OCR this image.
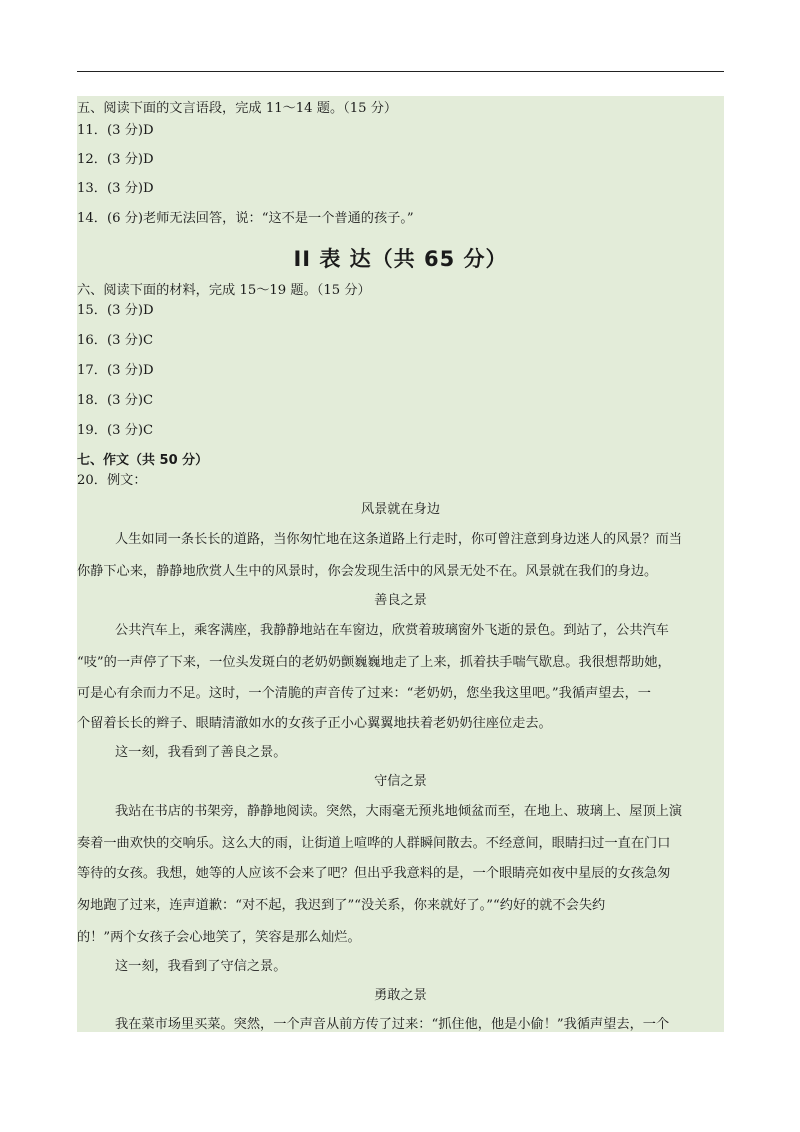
五、阅读下面的文言语段，完成 11～14 题。（15 分）
11．(3 分)D
12．(3 分)D
13．(3 分)D
14．(6 分)老师无法回答，说：“这不是一个普通的孩子。”
II 表 达（共 65 分）
六、阅读下面的材料，完成 15～19 题。（15 分）
15．(3 分)D
16．(3 分)C
17．(3 分)D
18．(3 分)C
19．(3 分)C
七、作文（共 50 分）
20．例文：
风景就在身边
人生如同一条长长的道路，当你匆忙地在这条道路上行走时，你可曾注意到身边迷人的风景？而当
你静下心来，静静地欣赏人生中的风景时，你会发现生活中的风景无处不在。风景就在我们的身边。
善良之景
公共汽车上，乘客满座，我静静地站在车窗边，欣赏着玻璃窗外飞逝的景色。到站了，公共汽车
“吱”的一声停了下来，一位头发斑白的老奶奶颤巍巍地走了上来，抓着扶手喘气歇息。我很想帮助她，
可是心有余而力不足。这时，一个清脆的声音传了过来：“老奶奶，您坐我这里吧。”我循声望去，一
个留着长长的辫子、眼睛清澈如水的女孩子正小心翼翼地扶着老奶奶往座位走去。
这一刻，我看到了善良之景。
守信之景
我站在书店的书架旁，静静地阅读。突然，大雨毫无预兆地倾盆而至，在地上、玻璃上、屋顶上演
奏着一曲欢快的交响乐。这么大的雨，让街道上喧哗的人群瞬间散去。不经意间，眼睛扫过一直在门口
等待的女孩。我想，她等的人应该不会来了吧？但出乎我意料的是，一个眼睛亮如夜中星辰的女孩急匆
匆地跑了过来，连声道歉：“对不起，我迟到了”“没关系，你来就好了。”“约好的就不会失约
的！”两个女孩子会心地笑了，笑容是那么灿烂。
这一刻，我看到了守信之景。
勇敢之景
我在菜市场里买菜。突然，一个声音从前方传了过来：“抓住他，他是小偷！”我循声望去，一个
